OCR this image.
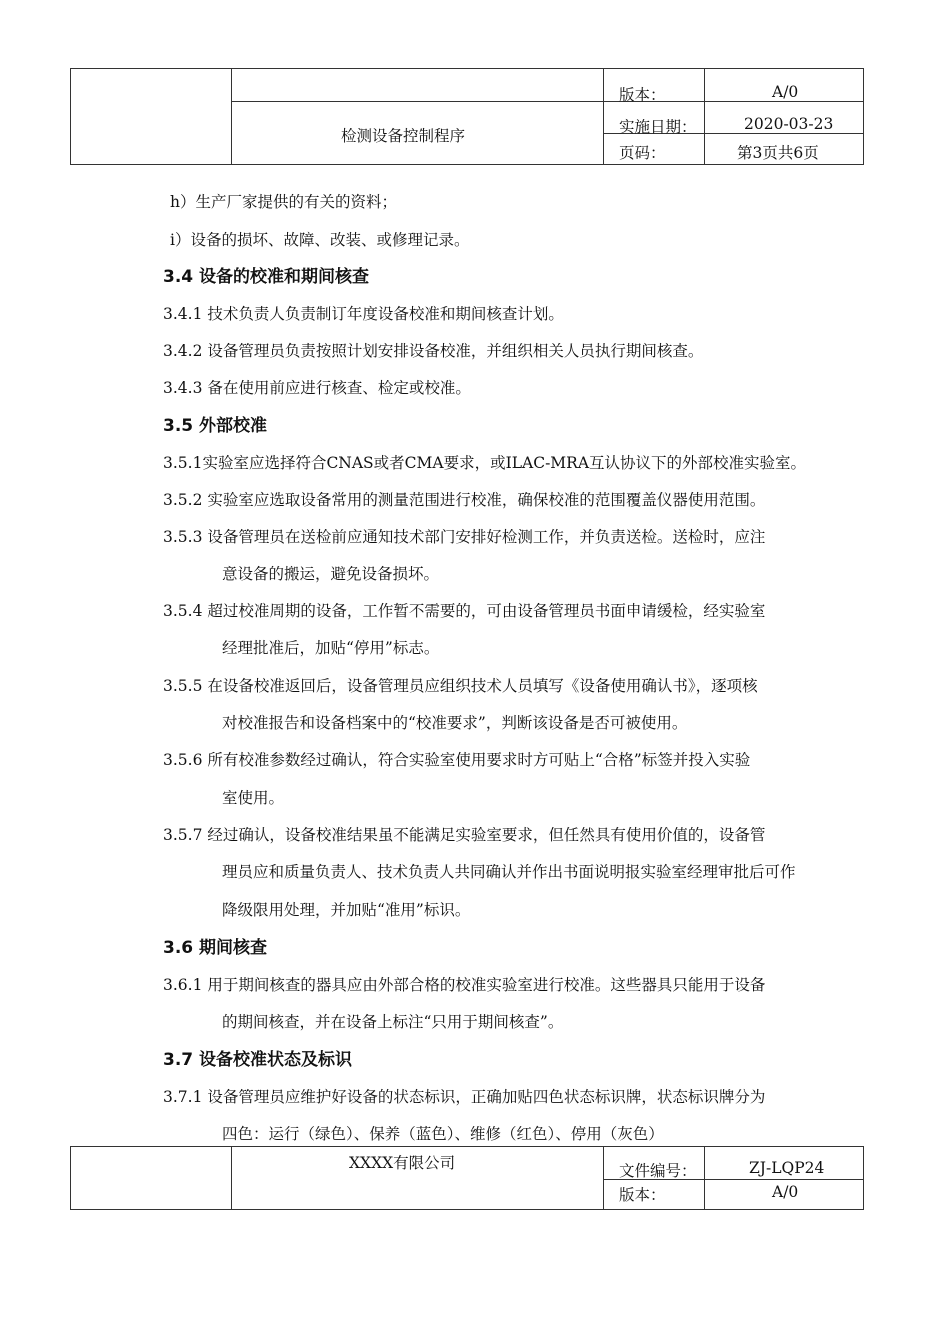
检测设备控制程序
版本：	A/0
实施日期：	2020-03-23
页码：	第3页共6页
h）生产厂家提供的有关的资料；
i）设备的损坏、故障、改装、或修理记录。
3.4 设备的校准和期间核查
3.4.1 技术负责人负责制订年度设备校准和期间核查计划。
3.4.2 设备管理员负责按照计划安排设备校准，并组织相关人员执行期间核查。
3.4.3 备在使用前应进行核查、检定或校准。
3.5 外部校准
3.5.1实验室应选择符合CNAS或者CMA要求，或ILAC-MRA互认协议下的外部校准实验室。
3.5.2 实验室应选取设备常用的测量范围进行校准，确保校准的范围覆盖仪器使用范围。
3.5.3 设备管理员在送检前应通知技术部门安排好检测工作，并负责送检。送检时，应注
意设备的搬运，避免设备损坏。
3.5.4 超过校准周期的设备，工作暂不需要的，可由设备管理员书面申请缓检，经实验室
经理批准后，加贴“停用”标志。
3.5.5 在设备校准返回后，设备管理员应组织技术人员填写《设备使用确认书》，逐项核
对校准报告和设备档案中的“校准要求”，判断该设备是否可被使用。
3.5.6 所有校准参数经过确认，符合实验室使用要求时方可贴上“合格”标签并投入实验
室使用。
3.5.7 经过确认，设备校准结果虽不能满足实验室要求，但任然具有使用价值的，设备管
理员应和质量负责人、技术负责人共同确认并作出书面说明报实验室经理审批后可作
降级限用处理，并加贴“准用”标识。
3.6 期间核查
3.6.1 用于期间核查的器具应由外部合格的校准实验室进行校准。这些器具只能用于设备
的期间核查，并在设备上标注“只用于期间核查”。
3.7 设备校准状态及标识
3.7.1 设备管理员应维护好设备的状态标识，正确加贴四色状态标识牌，状态标识牌分为
四色：运行（绿色）、保养（蓝色）、维修（红色）、停用（灰色）
XXXX有限公司	文件编号：	ZJ-LQP24
版本：	A/0
